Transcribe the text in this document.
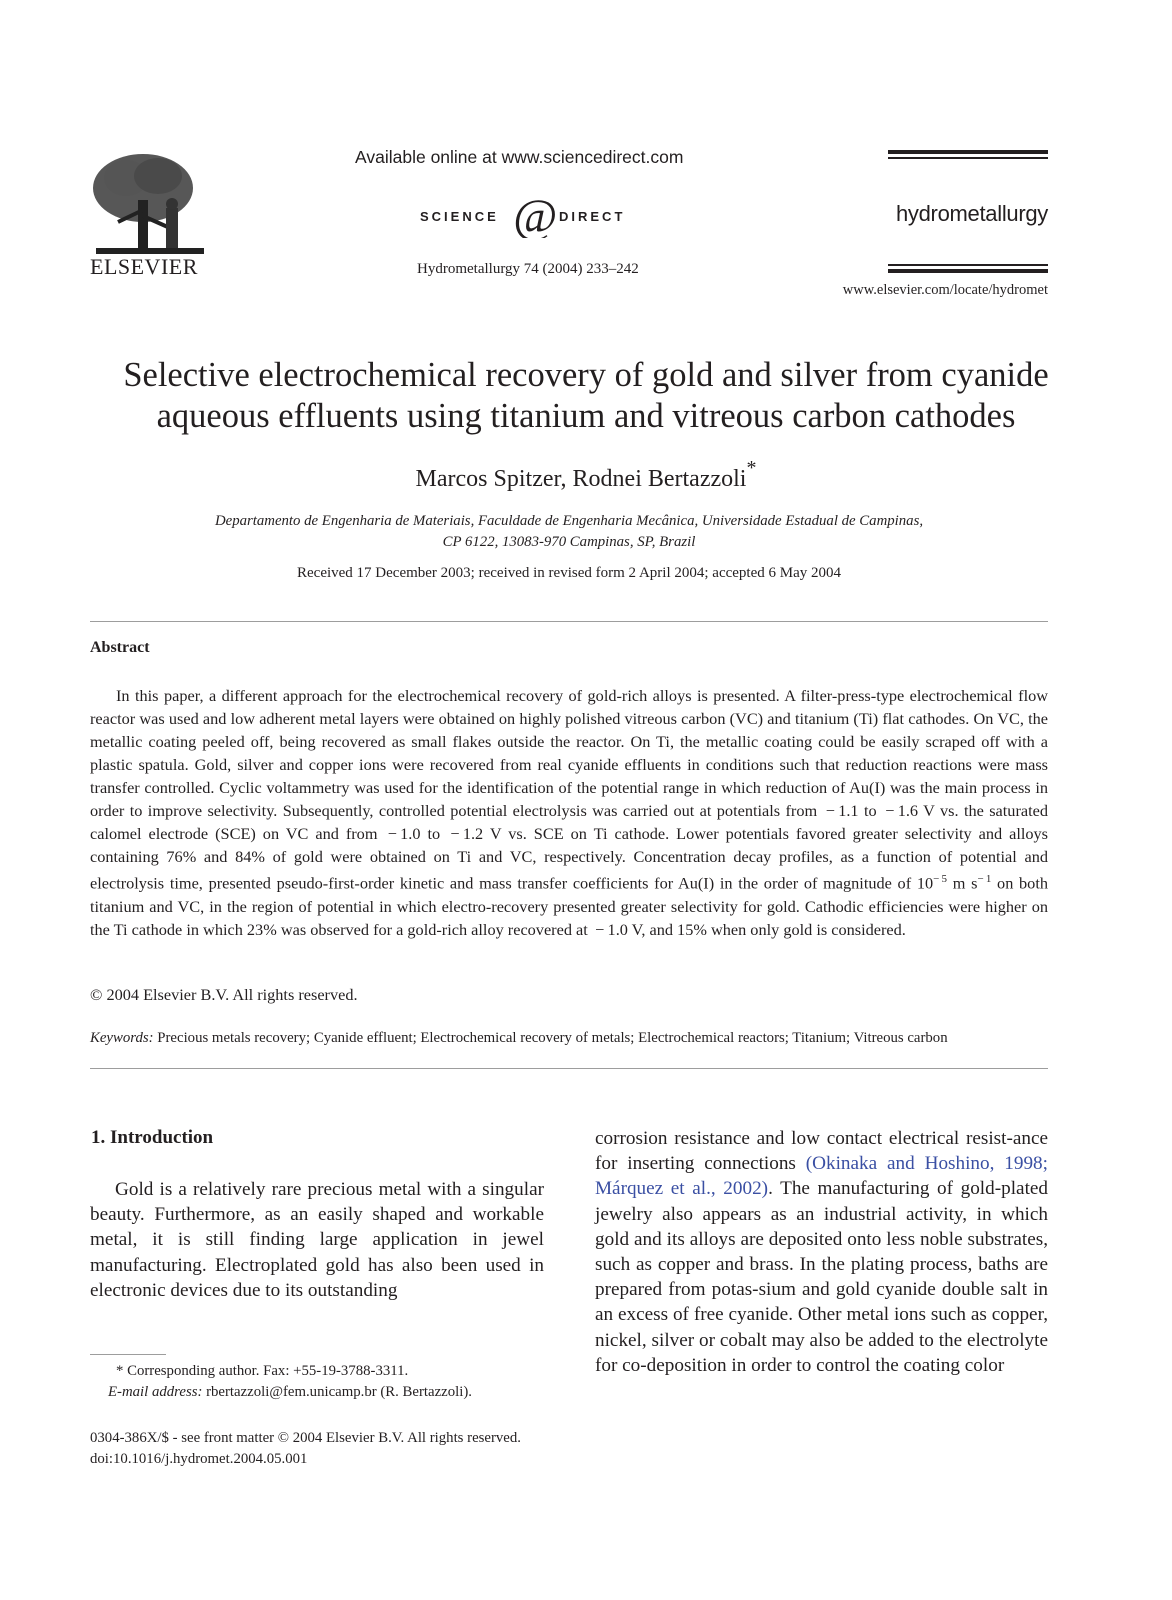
ELSEVIER
Available online at www.sciencedirect.com
SCIENCE @ DIRECT
Hydrometallurgy 74 (2004) 233–242
hydrometallurgy
www.elsevier.com/locate/hydromet
Selective electrochemical recovery of gold and silver from cyanide
aqueous effluents using titanium and vitreous carbon cathodes
Marcos Spitzer, Rodnei Bertazzoli*
Departamento de Engenharia de Materiais, Faculdade de Engenharia Mecânica, Universidade Estadual de Campinas,
CP 6122, 13083-970 Campinas, SP, Brazil
Received 17 December 2003; received in revised form 2 April 2004; accepted 6 May 2004
Abstract
In this paper, a different approach for the electrochemical recovery of gold-rich alloys is presented. A filter-press-type electrochemical flow reactor was used and low adherent metal layers were obtained on highly polished vitreous carbon (VC) and titanium (Ti) flat cathodes. On VC, the metallic coating peeled off, being recovered as small flakes outside the reactor. On Ti, the metallic coating could be easily scraped off with a plastic spatula. Gold, silver and copper ions were recovered from real cyanide effluents in conditions such that reduction reactions were mass transfer controlled. Cyclic voltammetry was used for the identification of the potential range in which reduction of Au(I) was the main process in order to improve selectivity. Subsequently, controlled potential electrolysis was carried out at potentials from  − 1.1 to  − 1.6 V vs. the saturated calomel electrode (SCE) on VC and from  − 1.0 to  − 1.2 V vs. SCE on Ti cathode. Lower potentials favored greater selectivity and alloys containing 76% and 84% of gold were obtained on Ti and VC, respectively. Concentration decay profiles, as a function of potential and electrolysis time, presented pseudo-first-order kinetic and mass transfer coefficients for Au(I) in the order of magnitude of $10^{- 5}$ m $s^{- 1}$ on both titanium and VC, in the region of potential in which electro-recovery presented greater selectivity for gold. Cathodic efficiencies were higher on the Ti cathode in which 23% was observed for a gold-rich alloy recovered at  − 1.0 V, and 15% when only gold is considered.
© 2004 Elsevier B.V. All rights reserved.
Keywords: Precious metals recovery; Cyanide effluent; Electrochemical recovery of metals; Electrochemical reactors; Titanium; Vitreous carbon
1. Introduction
Gold is a relatively rare precious metal with a singular beauty. Furthermore, as an easily shaped and workable metal, it is still finding large application in jewel manufacturing. Electroplated gold has also been used in electronic devices due to its outstanding
corrosion resistance and low contact electrical resist-ance for inserting connections (Okinaka and Hoshino, 1998; Márquez et al., 2002). The manufacturing of gold-plated jewelry also appears as an industrial activity, in which gold and its alloys are deposited onto less noble substrates, such as copper and brass. In the plating process, baths are prepared from potas-sium and gold cyanide double salt in an excess of free cyanide. Other metal ions such as copper, nickel, silver or cobalt may also be added to the electrolyte for co-deposition in order to control the coating color
* Corresponding author. Fax: +55-19-3788-3311.
E-mail address: rbertazzoli@fem.unicamp.br (R. Bertazzoli).
0304-386X/$ - see front matter © 2004 Elsevier B.V. All rights reserved.
doi:10.1016/j.hydromet.2004.05.001
